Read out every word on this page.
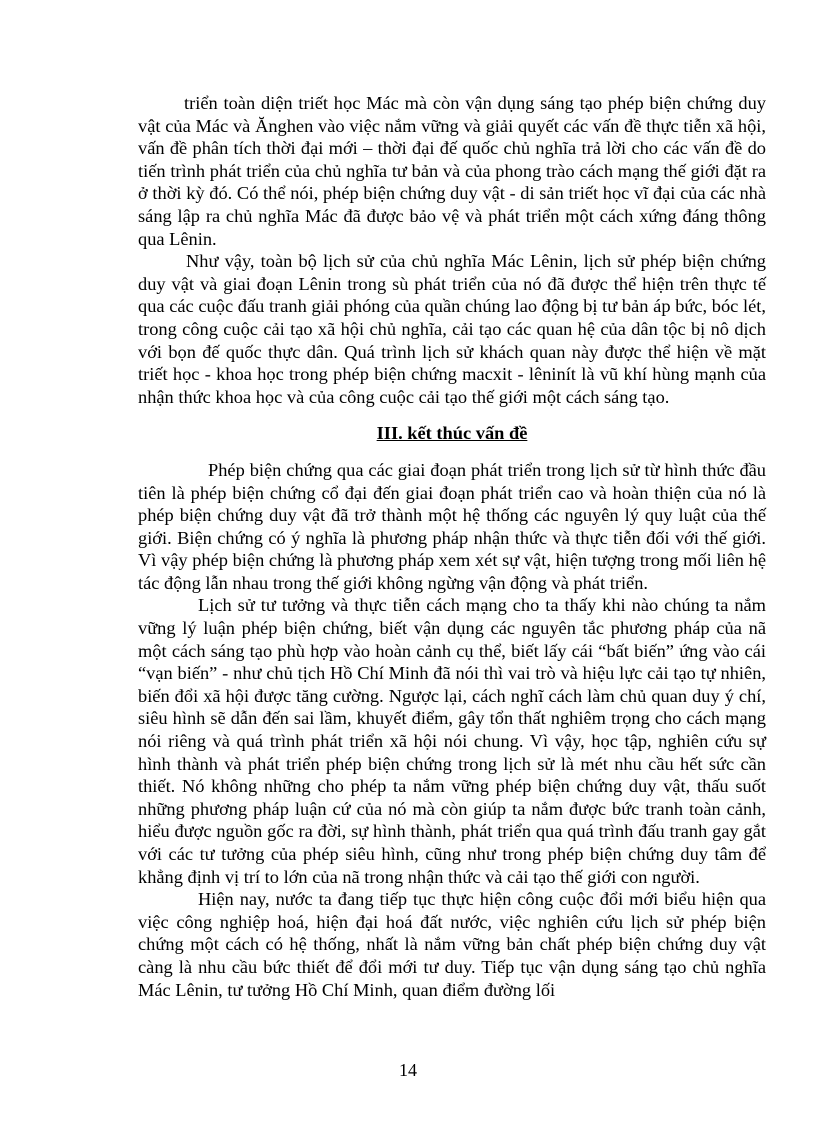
triển toàn diện triết học Mác mà còn vận dụng sáng tạo phép biện chứng duy vật của Mác và Ănghen vào việc nắm vững và giải quyết các vấn đề thực tiễn xã hội, vấn đề phân tích thời đại mới – thời đại đế quốc chủ nghĩa trả lời cho các vấn đề do tiến trình phát triển của chủ nghĩa tư bản và của phong trào cách mạng thế giới đặt ra ở thời kỳ đó. Có thể nói, phép biện chứng duy vật - di sản triết học vĩ đại của các nhà sáng lập ra chủ nghĩa Mác đã được bảo vệ và phát triển một cách xứng đáng thông qua Lênin.

Như vậy, toàn bộ lịch sử của chủ nghĩa Mác Lênin, lịch sử phép biện chứng duy vật và giai đoạn Lênin trong sù phát triển của nó đã được thể hiện trên thực tế qua các cuộc đấu tranh giải phóng của quần chúng lao động bị tư bản áp bức, bóc lét, trong công cuộc cải tạo xã hội chủ nghĩa, cải tạo các quan hệ của dân tộc bị nô dịch với bọn đế quốc thực dân. Quá trình lịch sử khách quan này được thể hiện về mặt triết học - khoa học trong phép biện chứng macxit - lêninít là vũ khí hùng mạnh của nhận thức khoa học và của công cuộc cải tạo thế giới một cách sáng tạo.

III. kết thúc vấn đề

Phép biện chứng qua các giai đoạn phát triển trong lịch sử từ hình thức đầu tiên là phép biện chứng cổ đại đến giai đoạn phát triển cao và hoàn thiện của nó là phép biện chứng duy vật đã trở thành một hệ thống các nguyên lý quy luật của thế giới. Biện chứng có ý nghĩa là phương pháp nhận thức và thực tiễn đối với thế giới. Vì vậy phép biện chứng là phương pháp xem xét sự vật, hiện tượng trong mối liên hệ tác động lẫn nhau trong thế giới không ngừng vận động và phát triển.

Lịch sử tư tưởng và thực tiễn cách mạng cho ta thấy khi nào chúng ta nắm vững lý luận phép biện chứng, biết vận dụng các nguyên tắc phương pháp của nã một cách sáng tạo phù hợp vào hoàn cảnh cụ thể, biết lấy cái “bất biến” ứng vào cái “vạn biến” - như chủ tịch Hồ Chí Minh đã nói thì vai trò và hiệu lực cải tạo tự nhiên, biến đổi xã hội được tăng cường. Ngược lại, cách nghĩ cách làm chủ quan duy ý chí, siêu hình sẽ dẫn đến sai lầm, khuyết điểm, gây tổn thất nghiêm trọng cho cách mạng nói riêng và quá trình phát triển xã hội nói chung. Vì vậy, học tập, nghiên cứu sự hình thành và phát triển phép biện chứng trong lịch sử là mét nhu cầu hết sức cần thiết. Nó không những cho phép ta nắm vững phép biện chứng duy vật, thấu suốt những phương pháp luận cứ của nó mà còn giúp ta nắm được bức tranh toàn cảnh, hiểu được nguồn gốc ra đời, sự hình thành, phát triển qua quá trình đấu tranh gay gắt với các tư tưởng của phép siêu hình, cũng như trong phép biện chứng duy tâm để khẳng định vị trí to lớn của nã trong nhận thức và cải tạo thế giới con người.

Hiện nay, nước ta đang tiếp tục thực hiện công cuộc đổi mới biểu hiện qua việc công nghiệp hoá, hiện đại hoá đất nước, việc nghiên cứu lịch sử phép biện chứng một cách có hệ thống, nhất là nắm vững bản chất phép biện chứng duy vật càng là nhu cầu bức thiết để đổi mới tư duy. Tiếp tục vận dụng sáng tạo chủ nghĩa Mác Lênin, tư tưởng Hồ Chí Minh, quan điểm đường lối

14
